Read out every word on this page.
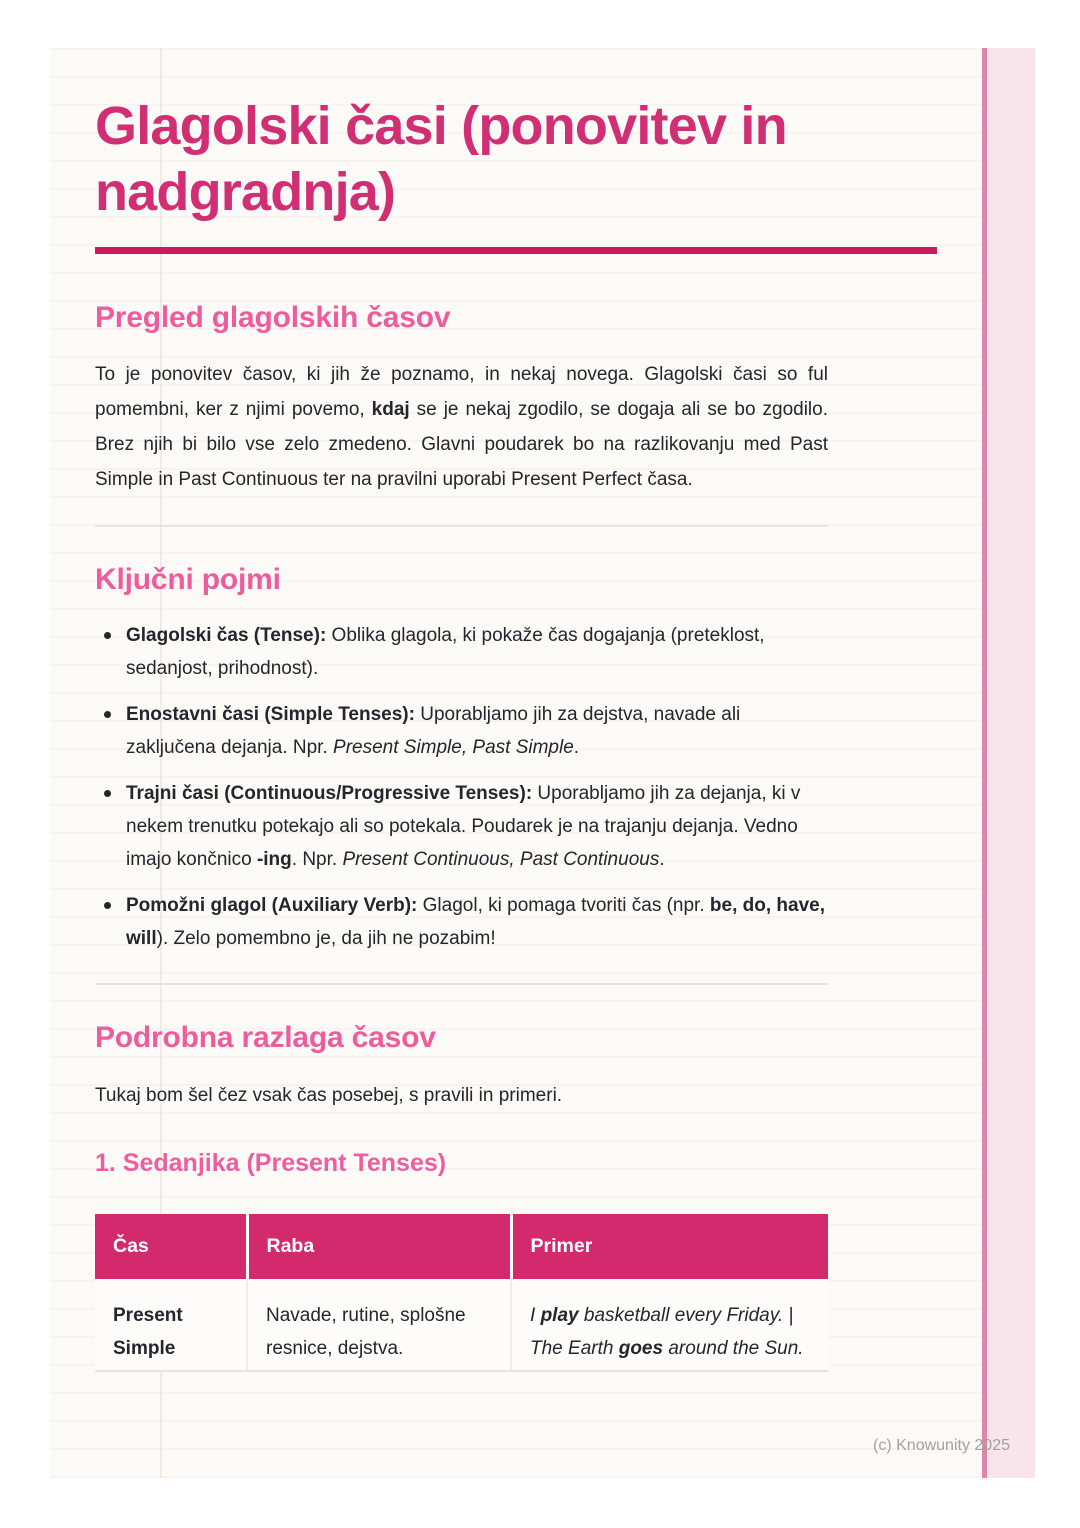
Glagolski časi (ponovitev in nadgradnja)
Pregled glagolskih časov

To je ponovitev časov, ki jih že poznamo, in nekaj novega. Glagolski časi so ful pomembni, ker z njimi povemo, kdaj se je nekaj zgodilo, se dogaja ali se bo zgodilo. Brez njih bi bilo vse zelo zmedeno. Glavni poudarek bo na razlikovanju med Past Simple in Past Continuous ter na pravilni uporabi Present Perfect časa.

Ključni pojmi
Glagolski čas (Tense): Oblika glagola, ki pokaže čas dogajanja (preteklost, sedanjost, prihodnost).
Enostavni časi (Simple Tenses): Uporabljamo jih za dejstva, navade ali zaključena dejanja. Npr. Present Simple, Past Simple.
Trajni časi (Continuous/Progressive Tenses): Uporabljamo jih za dejanja, ki v nekem trenutku potekajo ali so potekala. Poudarek je na trajanju dejanja. Vedno imajo končnico -ing. Npr. Present Continuous, Past Continuous.
Pomožni glagol (Auxiliary Verb): Glagol, ki pomaga tvoriti čas (npr. be, do, have, will). Zelo pomembno je, da jih ne pozabim!
Podrobna razlaga časov

Tukaj bom šel čez vsak čas posebej, s pravili in primeri.

1. Sedanjika (Present Tenses)
Čas	Raba	Primer
Present Simple	Navade, rutine, splošne resnice, dejstva.	I play basketball every Friday. | The Earth goes around the Sun.
(c) Knowunity 2025
